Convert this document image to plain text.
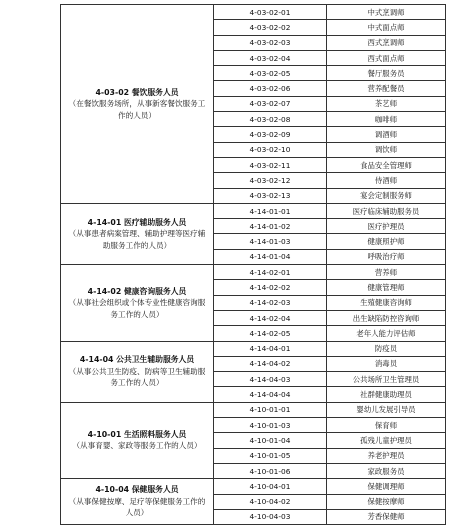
4-03-02 餐饮服务人员
（在餐饮服务场所，从事新客餐饮服务工作的人员）	4-03-02-01	中式烹调师
	4-03-02-02	中式面点师
	4-03-02-03	西式烹调师
	4-03-02-04	西式面点师
	4-03-02-05	餐厅服务员
	4-03-02-06	营养配餐员
	4-03-02-07	茶艺师
	4-03-02-08	咖啡师
	4-03-02-09	调酒师
	4-03-02-10	调饮师
	4-03-02-11	食品安全管理师
	4-03-02-12	侍酒师
	4-03-02-13	宴会定制服务师

4-14-01 医疗辅助服务人员
（从事患者病案管理、辅助护理等医疗辅助服务工作的人员）	4-14-01-01	医疗临床辅助服务员
	4-14-01-02	医疗护理员
	4-14-01-03	健康照护师
	4-14-01-04	呼吸治疗师

4-14-02 健康咨询服务人员
（从事社会组织或个体专业性健康咨询服务工作的人员）	4-14-02-01	营养师
	4-14-02-02	健康管理师
	4-14-02-03	生殖健康咨询师
	4-14-02-04	出生缺陷防控咨询师
	4-14-02-05	老年人能力评估师

4-14-04 公共卫生辅助服务人员
（从事公共卫生防疫、防病等卫生辅助服务工作的人员）	4-14-04-01	防疫员
	4-14-04-02	消毒员
	4-14-04-03	公共场所卫生管理员
	4-14-04-04	社群健康助理员

4-10-01 生活照料服务人员
（从事育婴、家政等服务工作的人员）	4-10-01-01	婴幼儿发展引导员
	4-10-01-03	保育师
	4-10-01-04	孤残儿童护理员
	4-10-01-05	养老护理员
	4-10-01-06	家政服务员

4-10-04 保健服务人员
（从事保健按摩、足疗等保健服务工作的人员）	4-10-04-01	保健调理师
	4-10-04-02	保健按摩师
	4-10-04-03	芳香保健师
